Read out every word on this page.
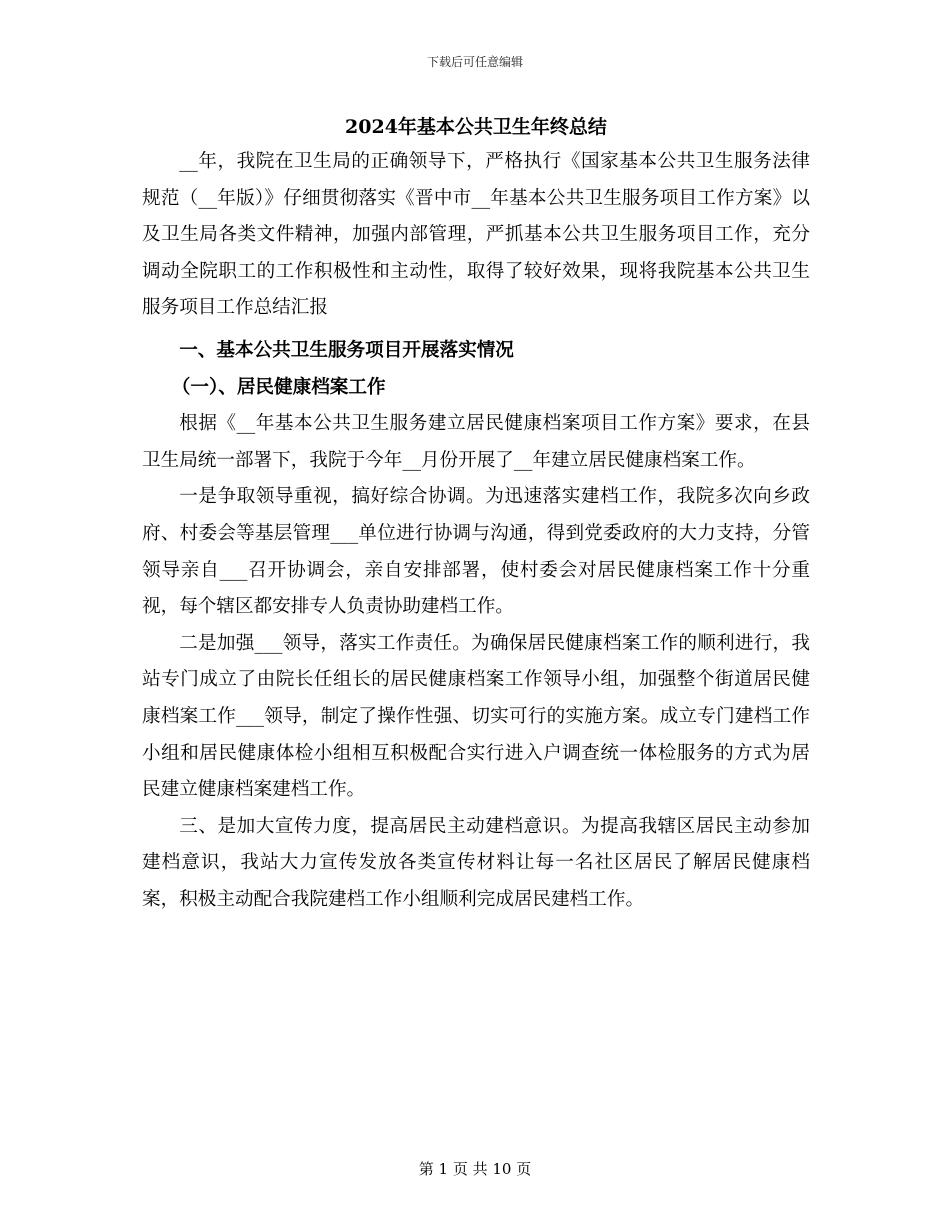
下载后可任意编辑
2024年基本公共卫生年终总结

__年，我院在卫生局的正确领导下，严格执行《国家基本公共卫生服务法律规范（__年版）》仔细贯彻落实《晋中市__年基本公共卫生服务项目工作方案》以及卫生局各类文件精神，加强内部管理，严抓基本公共卫生服务项目工作，充分调动全院职工的工作积极性和主动性，取得了较好效果，现将我院基本公共卫生服务项目工作总结汇报

一、基本公共卫生服务项目开展落实情况
（一）、居民健康档案工作

根据《__年基本公共卫生服务建立居民健康档案项目工作方案》要求，在县卫生局统一部署下，我院于今年__月份开展了__年建立居民健康档案工作。

一是争取领导重视，搞好综合协调。为迅速落实建档工作，我院多次向乡政府、村委会等基层管理___单位进行协调与沟通，得到党委政府的大力支持，分管领导亲自___召开协调会，亲自安排部署，使村委会对居民健康档案工作十分重视，每个辖区都安排专人负责协助建档工作。

二是加强___领导，落实工作责任。为确保居民健康档案工作的顺利进行，我站专门成立了由院长任组长的居民健康档案工作领导小组，加强整个街道居民健康档案工作___领导，制定了操作性强、切实可行的实施方案。成立专门建档工作小组和居民健康体检小组相互积极配合实行进入户调查统一体检服务的方式为居民建立健康档案建档工作。

三、是加大宣传力度，提高居民主动建档意识。为提高我辖区居民主动参加建档意识，我站大力宣传发放各类宣传材料让每一名社区居民了解居民健康档案，积极主动配合我院建档工作小组顺利完成居民建档工作。

第 1 页 共 10 页
